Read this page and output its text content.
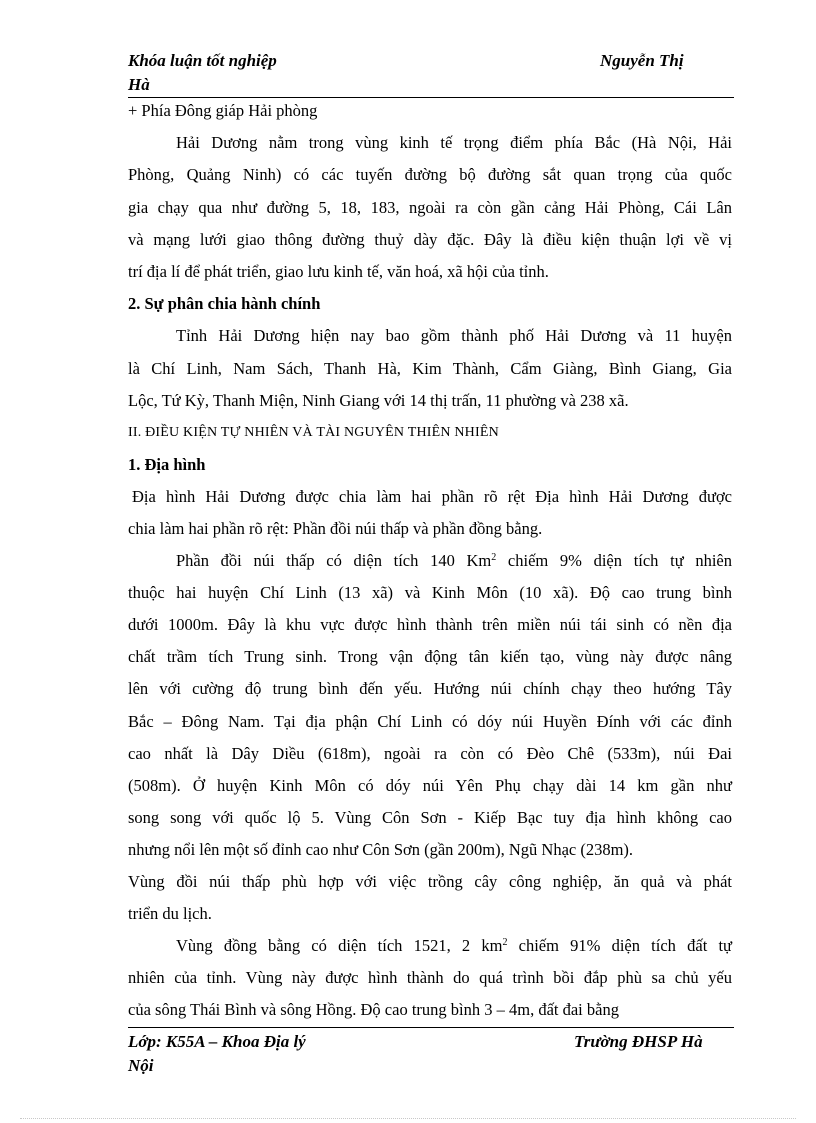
Khóa luận tốt nghiệp
Hà
Nguyễn Thị
+ Phía Đông giáp Hải phòng
Hải Dương nằm trong vùng kinh tế trọng điểm phía Bắc (Hà Nội, Hải
Phòng, Quảng Ninh) có các tuyến đường bộ đường sắt quan trọng của quốc
gia chạy qua như đường 5, 18, 183, ngoài ra còn gần cảng Hải Phòng, Cái Lân
và mạng lưới giao thông đường thuỷ dày đặc. Đây là điều kiện thuận lợi về vị
trí địa lí để phát triển, giao lưu kinh tế, văn hoá, xã hội của tỉnh.
2. Sự phân chia hành chính
Tỉnh Hải Dương hiện nay bao gồm thành phố Hải Dương và 11 huyện
là Chí Linh, Nam Sách, Thanh Hà, Kim Thành, Cẩm Giàng, Bình Giang, Gia
Lộc, Tứ Kỳ, Thanh Miện, Ninh Giang với 14 thị trấn, 11 phường và 238 xã.
II. ĐIỀU KIỆN TỰ NHIÊN VÀ TÀI NGUYÊN THIÊN NHIÊN
1. Địa hình
Địa hình Hải Dương được chia làm hai phần rõ rệt Địa hình Hải Dương được
chia làm hai phần rõ rệt: Phần đồi núi thấp và phần đồng bằng.
Phần đồi núi thấp có diện tích 140 Km$^2$ chiếm 9% diện tích tự nhiên
thuộc hai huyện Chí Linh (13 xã) và Kinh Môn (10 xã). Độ cao trung bình
dưới 1000m. Đây là khu vực được hình thành trên miền núi tái sinh có nền địa
chất trầm tích Trung sinh. Trong vận động tân kiến tạo, vùng này được nâng
lên với cường độ trung bình đến yếu. Hướng núi chính chạy theo hướng Tây
Bắc – Đông Nam. Tại địa phận Chí Linh có dóy núi Huyền Đính với các đỉnh
cao nhất là Dây Diều (618m), ngoài ra còn có Đèo Chê (533m), núi Đai
(508m). Ở huyện Kinh Môn có dóy núi Yên Phụ chạy dài 14 km gần như
song song với quốc lộ 5. Vùng Côn Sơn - Kiếp Bạc tuy địa hình không cao
nhưng nổi lên một số đỉnh cao như Côn Sơn (gần 200m), Ngũ Nhạc (238m).
Vùng đồi núi thấp phù hợp với việc trồng cây công nghiệp, ăn quả và phát
triển du lịch.
Vùng đồng bằng có diện tích 1521, 2 $km^2$ chiếm 91% diện tích đất tự
nhiên của tỉnh. Vùng này được hình thành do quá trình bồi đắp phù sa chủ yếu
của sông Thái Bình và sông Hồng. Độ cao trung bình 3 – 4m, đất đai bằng
Lớp: K55A – Khoa Địa lý
Nội
Trường ĐHSP Hà
